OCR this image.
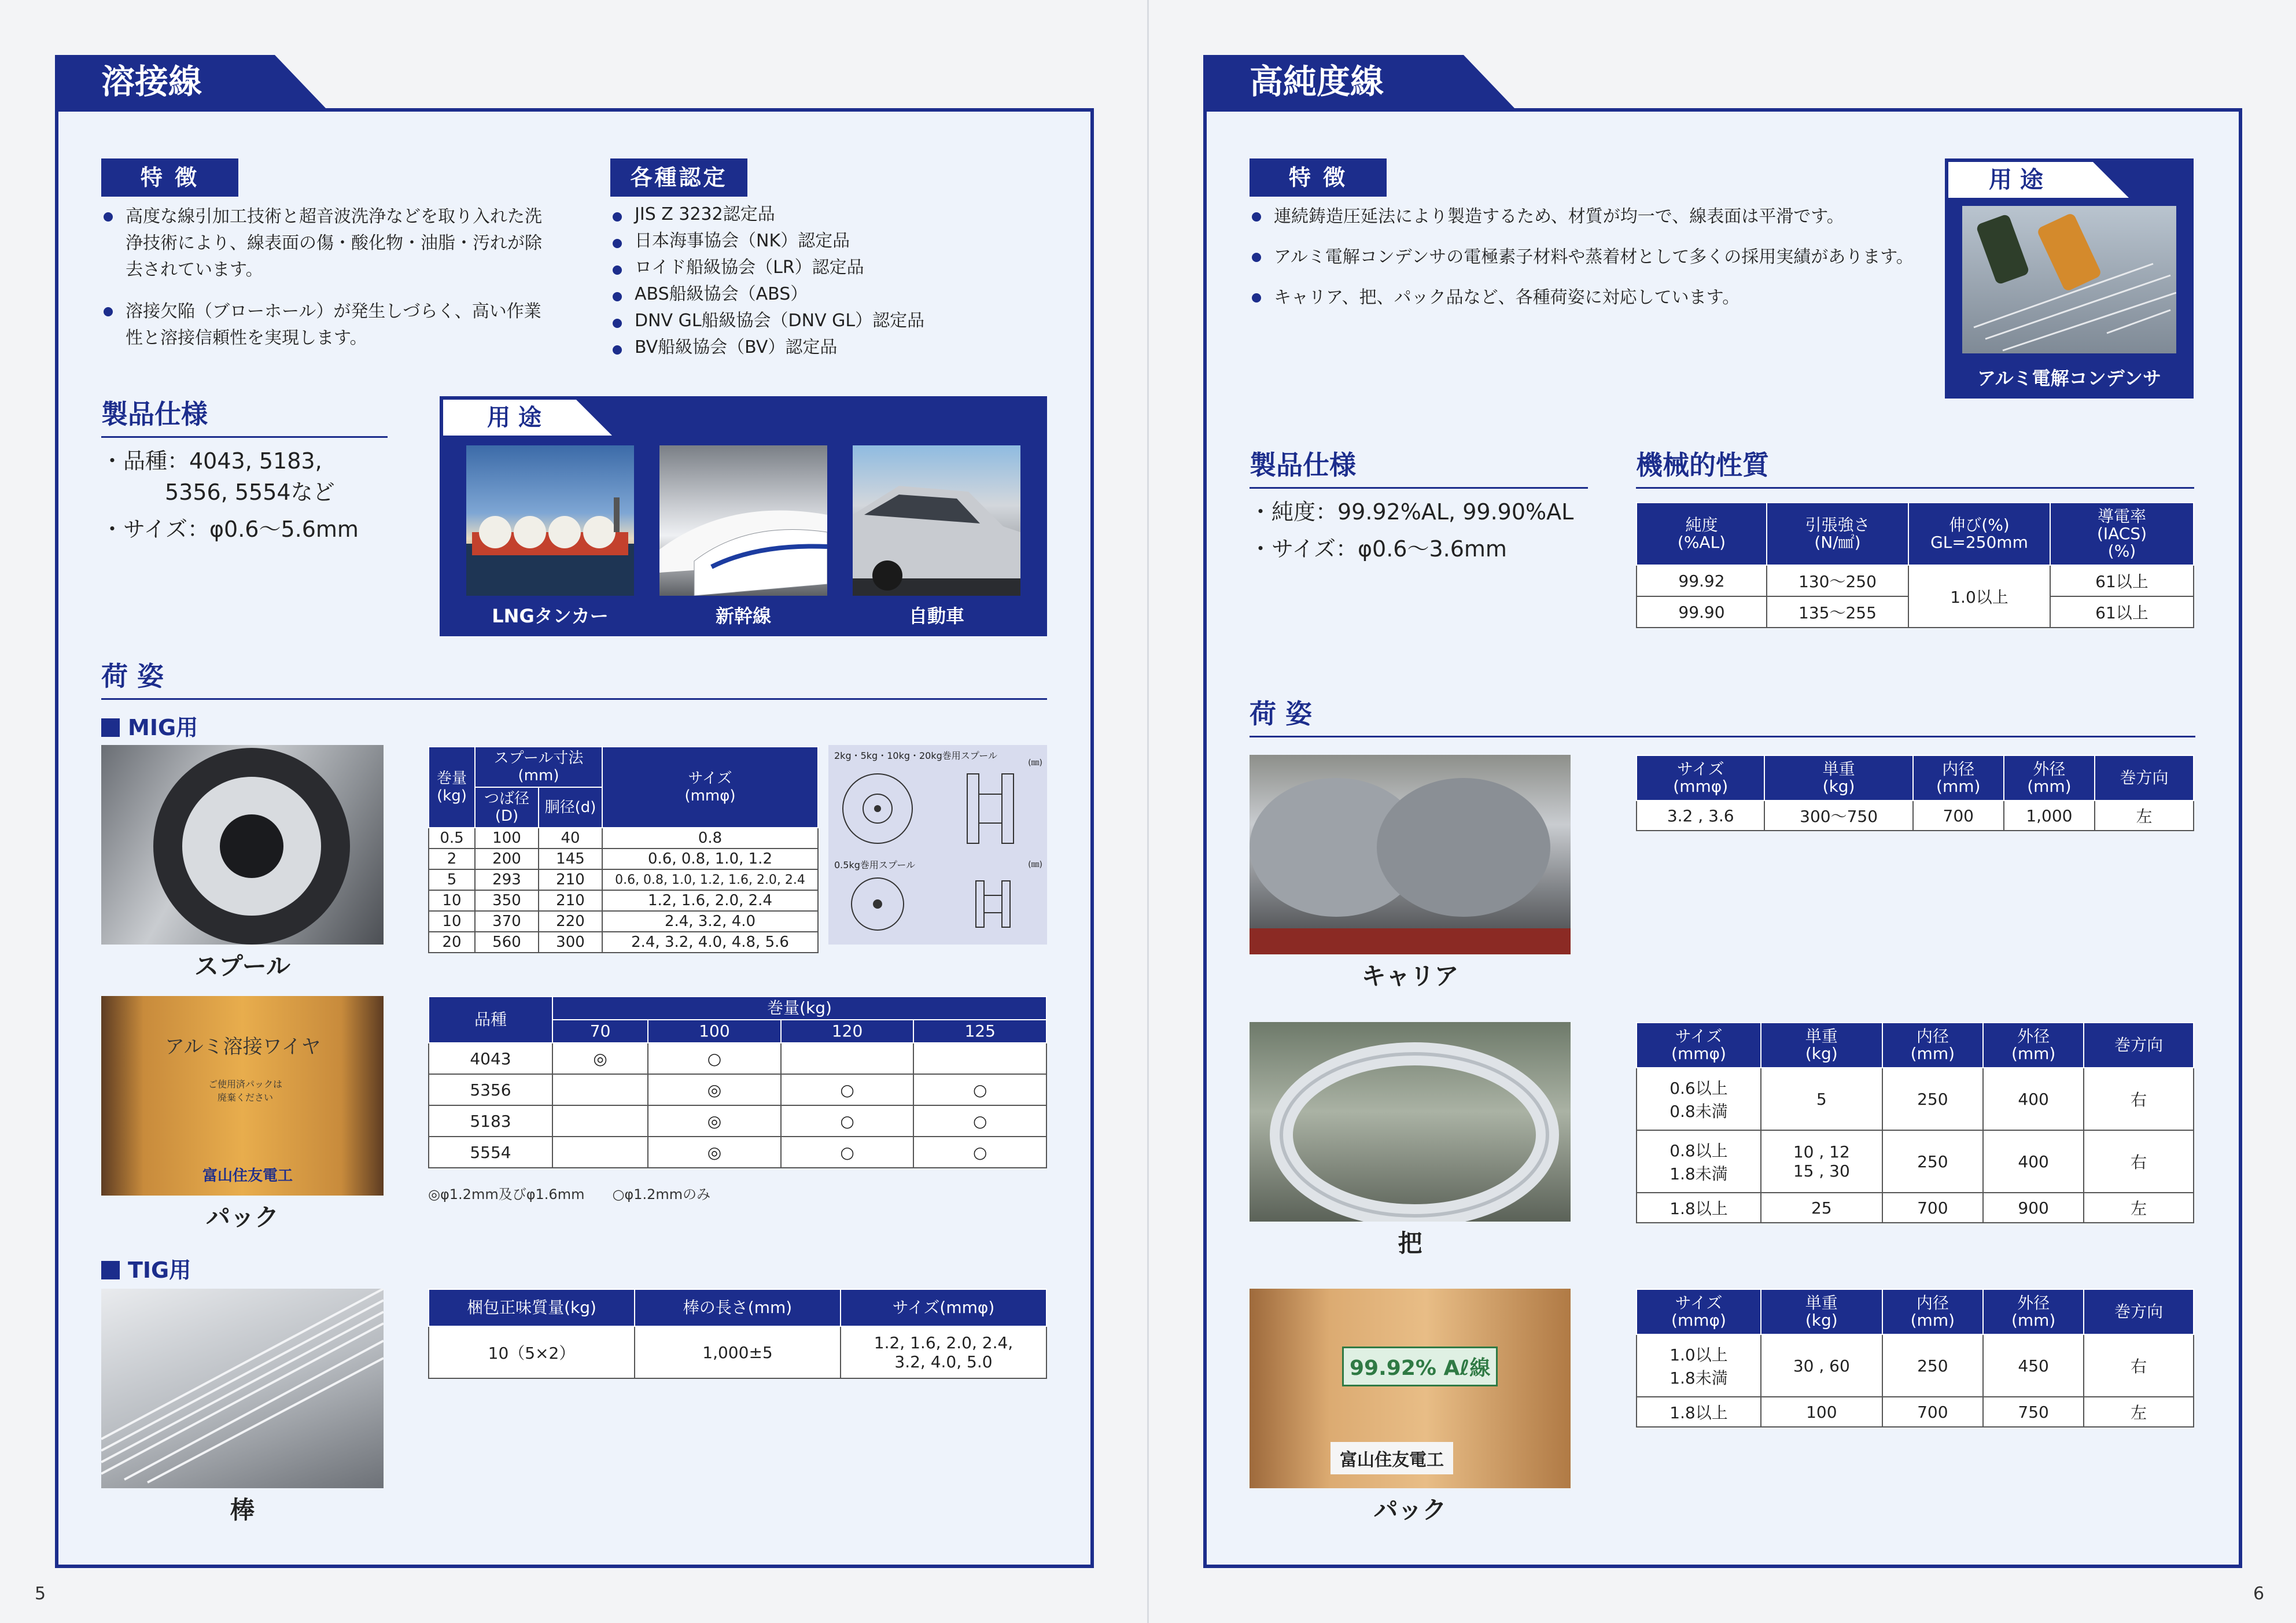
溶接線
特 徴
高度な線引加工技術と超音波洗浄などを取り入れた洗浄技術により、線表面の傷・酸化物・油脂・汚れが除去されています。
溶接欠陥（ブローホール）が発生しづらく、高い作業性と溶接信頼性を実現します。
各種認定
JIS Z 3232認定品
日本海事協会（NK）認定品
ロイド船級協会（LR）認定品
ABS船級協会（ABS）
DNV GL船級協会（DNV GL）認定品
BV船級協会（BV）認定品
製品仕様
・品種：4043, 5183,
5356, 5554など
・サイズ：φ0.6～5.6mm
用 途
LNGタンカー	新幹線	自動車
荷 姿
MIG用
スプール
巻量
(kg)	スプール寸法(mm)		サイズ
(mmφ)
	つば径(D)	胴径(d)	
0.5	100	40	0.8
2	200	145	0.6, 0.8, 1.0, 1.2
5	293	210	0.6, 0.8, 1.0, 1.2, 1.6, 2.0, 2.4
10	350	210	1.2, 1.6, 2.0, 2.4
10	370	220	2.4, 3.2, 4.0
20	560	300	2.4, 3.2, 4.0, 4.8, 5.6
2kg・5kg・10kg・20kg巻用スプール
(㎜)
0.5kg巻用スプール	(㎜)
アルミ溶接ワイヤ
ご使用済パックは
廃棄ください
富山住友電工
パック
品種	巻量(kg)			
	70	100	120	125
4043	◎	○		
5356		◎	○	○
5183		◎	○	○
5554		◎	○	○
◎φ1.2mm及びφ1.6mm　　○φ1.2mmのみ
TIG用
棒
梱包正味質量(kg)	棒の長さ(mm)	サイズ(mmφ)
10（5×2）	1,000±5	1.2, 1.6, 2.0, 2.4,
3.2, 4.0, 5.0
5
高純度線
特 徴
連続鋳造圧延法により製造するため、材質が均一で、線表面は平滑です。
アルミ電解コンデンサの電極素子材料や蒸着材として多くの採用実績があります。
キャリア、把、パック品など、各種荷姿に対応しています。
用 途
アルミ電解コンデンサ
製品仕様
・純度：99.92%AL, 99.90%AL
・サイズ：φ0.6～3.6mm
機械的性質
純度
(%AL)	引張強さ
(N/㎟)	伸び(%)
GL=250mm	導電率
(IACS)
(%)
99.92	130～250	1.0以上	61以上
99.90	135～255		61以上
荷 姿
キャリア
サイズ
(mmφ)	単重
(kg)	内径
(mm)	外径
(mm)	巻方向
3.2 , 3.6	300～750	700	1,000	左
把
サイズ
(mmφ)	単重
(kg)	内径
(mm)	外径
(mm)	巻方向
0.6以上
0.8未満	5	250	400	右
0.8以上
1.8未満	10 , 12
15 , 30	250	400	右
1.8以上	25	700	900	左
99.92% Aℓ線
富山住友電工
パック
サイズ
(mmφ)	単重
(kg)	内径
(mm)	外径
(mm)	巻方向
1.0以上
1.8未満	30 , 60	250	450	右
1.8以上	100	700	750	左
6
